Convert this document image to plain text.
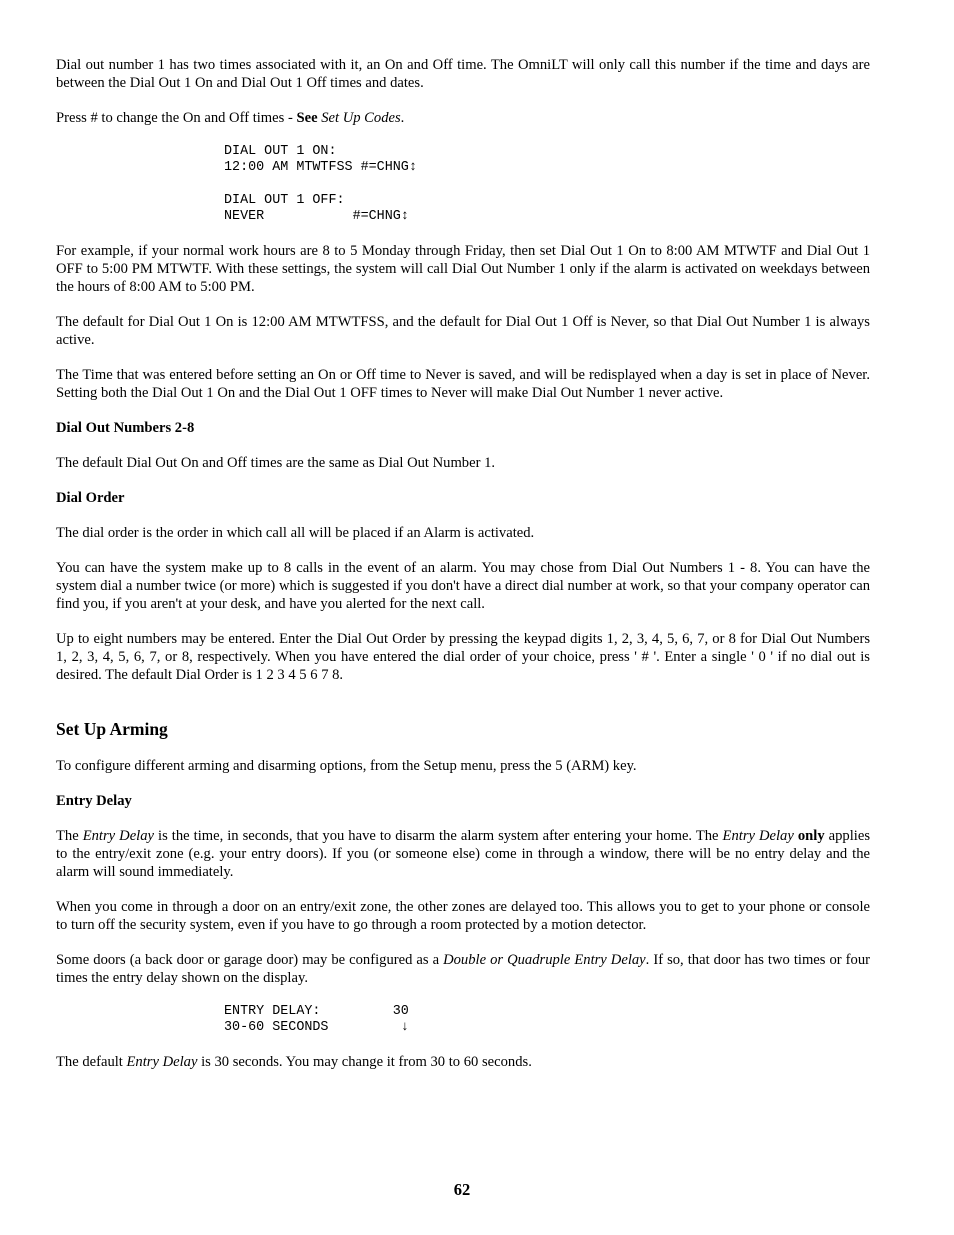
Dial out number 1 has two times associated with it, an On and Off time. The OmniLT will only call this number if the time and days are between the Dial Out 1 On and Dial Out 1 Off times and dates.

Press # to change the On and Off times - See Set Up Codes.

DIAL OUT 1 ON:
12:00 AM MTWTFSS #=CHNG↕
DIAL OUT 1 OFF:
NEVER           #=CHNG↕

For example, if your normal work hours are 8 to 5 Monday through Friday, then set Dial Out 1 On to 8:00 AM MTWTF and Dial Out 1 OFF to 5:00 PM MTWTF. With these settings, the system will call Dial Out Number 1 only if the alarm is activated on weekdays between the hours of 8:00 AM to 5:00 PM.

The default for Dial Out 1 On is 12:00 AM MTWTFSS, and the default for Dial Out 1 Off is Never, so that Dial Out Number 1 is always active.

The Time that was entered before setting an On or Off time to Never is saved, and will be redisplayed when a day is set in place of Never. Setting both the Dial Out 1 On and the Dial Out 1 OFF times to Never will make Dial Out Number 1 never active.

Dial Out Numbers 2-8

The default Dial Out On and Off times are the same as Dial Out Number 1.

Dial Order

The dial order is the order in which call all will be placed if an Alarm is activated.

You can have the system make up to 8 calls in the event of an alarm. You may chose from Dial Out Numbers 1 - 8. You can have the system dial a number twice (or more) which is suggested if you don't have a direct dial number at work, so that your company operator can find you, if you aren't at your desk, and have you alerted for the next call.

Up to eight numbers may be entered. Enter the Dial Out Order by pressing the keypad digits 1, 2, 3, 4, 5, 6, 7, or 8 for Dial Out Numbers 1, 2, 3, 4, 5, 6, 7, or 8, respectively. When you have entered the dial order of your choice, press ' # '. Enter a single ' 0 ' if no dial out is desired. The default Dial Order is 1 2 3 4 5 6 7 8.

Set Up Arming

To configure different arming and disarming options, from the Setup menu, press the 5 (ARM) key.

Entry Delay

The Entry Delay is the time, in seconds, that you have to disarm the alarm system after entering your home. The Entry Delay only applies to the entry/exit zone (e.g. your entry doors). If you (or someone else) come in through a window, there will be no entry delay and the alarm will sound immediately.

When you come in through a door on an entry/exit zone, the other zones are delayed too. This allows you to get to your phone or console to turn off the security system, even if you have to go through a room protected by a motion detector.

Some doors (a back door or garage door) may be configured as a Double or Quadruple Entry Delay. If so, that door has two times or four times the entry delay shown on the display.

ENTRY DELAY:         30
30-60 SECONDS         ↓

The default Entry Delay is 30 seconds. You may change it from 30 to 60 seconds.

62
